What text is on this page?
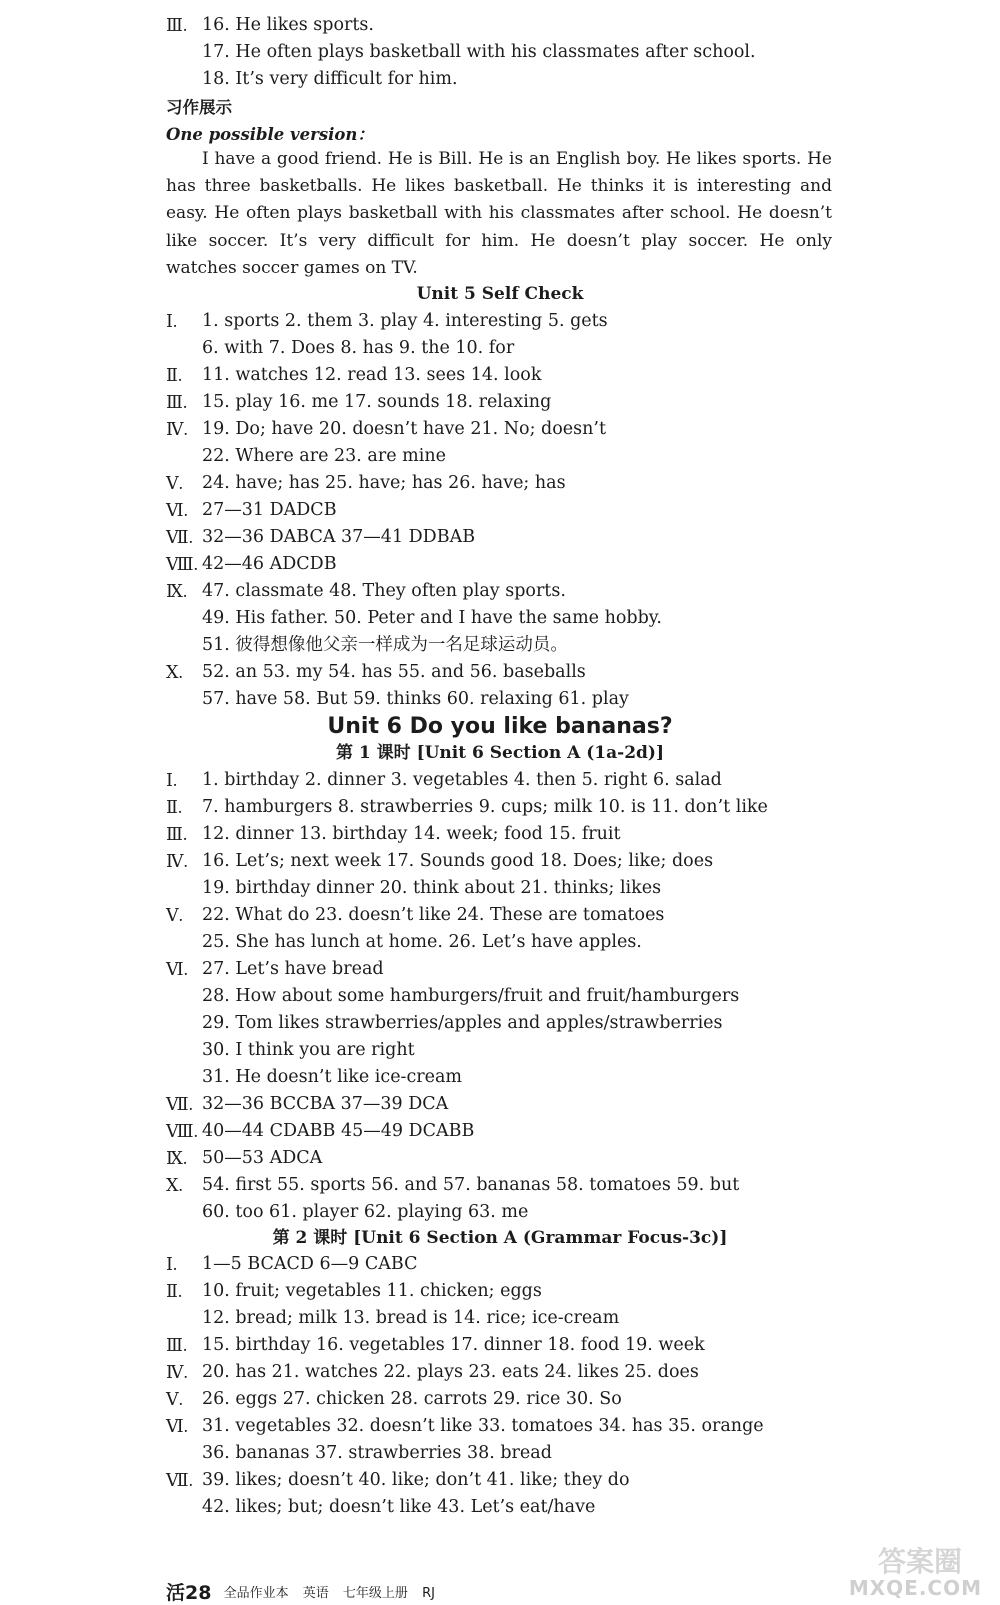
Ⅲ. 16. He likes sports.
17. He often plays basketball with his classmates after school.
18. It’s very difficult for him.
习作展示
One possible version：
I have a good friend. He is Bill. He is an English boy. He likes sports. He has three basketballs. He likes basketball. He thinks it is interesting and easy. He often plays basketball with his classmates after school. He doesn’t like soccer. It’s very difficult for him. He doesn’t play soccer. He only watches soccer games on TV.
Unit 5 Self Check
Ⅰ.	1. sports 2. them 3. play 4. interesting 5. gets
6. with 7. Does 8. has 9. the 10. for
Ⅱ.	11. watches 12. read 13. sees 14. look
Ⅲ. 15. play 16. me 17. sounds 18. relaxing
Ⅳ. 19. Do; have 20. doesn’t have 21. No; doesn’t
22. Where are 23. are mine
Ⅴ.	24. have; has 25. have; has 26. have; has
Ⅵ. 27—31 DADCB
Ⅶ. 32—36 DABCA 37—41 DDBAB
Ⅷ. 42—46 ADCDB
Ⅸ. 47. classmate 48. They often play sports.
49. His father. 50. Peter and I have the same hobby.
51. 彼得想像他父亲一样成为一名足球运动员。
Ⅹ.	52. an 53. my 54. has 55. and 56. baseballs
57. have 58. But 59. thinks 60. relaxing 61. play
Unit 6 Do you like bananas?
第 1 课时 [Unit 6 Section A (1a-2d)]
Ⅰ.	1. birthday 2. dinner 3. vegetables 4. then 5. right 6. salad
Ⅱ.	7. hamburgers 8. strawberries 9. cups; milk 10. is 11. don’t like
Ⅲ. 12. dinner 13. birthday 14. week; food 15. fruit
Ⅳ. 16. Let’s; next week 17. Sounds good 18. Does; like; does
19. birthday dinner 20. think about 21. thinks; likes
Ⅴ.	22. What do 23. doesn’t like 24. These are tomatoes
25. She has lunch at home. 26. Let’s have apples.
Ⅵ. 27. Let’s have bread
28. How about some hamburgers/fruit and fruit/hamburgers
29. Tom likes strawberries/apples and apples/strawberries
30. I think you are right
31. He doesn’t like ice-cream
Ⅶ. 32—36 BCCBA 37—39 DCA
Ⅷ. 40—44 CDABB 45—49 DCABB
Ⅸ. 50—53 ADCA
Ⅹ.	54. first 55. sports 56. and 57. bananas 58. tomatoes 59. but
60. too 61. player 62. playing 63. me
第 2 课时 [Unit 6 Section A (Grammar Focus-3c)]
Ⅰ.	1—5 BCACD 6—9 CABC
Ⅱ.	10. fruit; vegetables 11. chicken; eggs
12. bread; milk 13. bread is 14. rice; ice-cream
Ⅲ. 15. birthday 16. vegetables 17. dinner 18. food 19. week
Ⅳ. 20. has 21. watches 22. plays 23. eats 24. likes 25. does
Ⅴ.	26. eggs 27. chicken 28. carrots 29. rice 30. So
Ⅵ. 31. vegetables 32. doesn’t like 33. tomatoes 34. has 35. orange
36. bananas 37. strawberries 38. bread
Ⅶ. 39. likes; doesn’t 40. like; don’t 41. like; they do
42. likes; but; doesn’t like 43. Let’s eat/have
答案圈
MXQE.COM
活28 全品作业本 英语 七年级上册 RJ
